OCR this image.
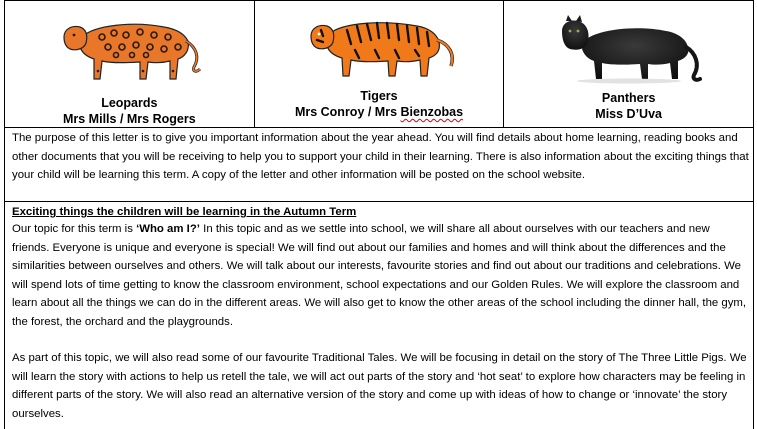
Leopards
Mrs Mills / Mrs Rogers

Tigers
Mrs Conroy / Mrs Bienzobas

Panthers
Miss D’Uva

The purpose of this letter is to give you important information about the year ahead. You will find details about home learning, reading books and other documents that you will be receiving to help you to support your child in their learning. There is also information about the exciting things that your child will be learning this term. A copy of the letter and other information will be posted on the school website.

Exciting things the children will be learning in the Autumn Term

Our topic for this term is ‘Who am I?’ In this topic and as we settle into school, we will share all about ourselves with our teachers and new friends. Everyone is unique and everyone is special! We will find out about our families and homes and will think about the differences and the similarities between ourselves and others. We will talk about our interests, favourite stories and find out about our traditions and celebrations. We will spend lots of time getting to know the classroom environment, school expectations and our Golden Rules. We will explore the classroom and learn about all the things we can do in the different areas. We will also get to know the other areas of the school including the dinner hall, the gym, the forest, the orchard and the playgrounds.

As part of this topic, we will also read some of our favourite Traditional Tales. We will be focusing in detail on the story of The Three Little Pigs. We will learn the story with actions to help us retell the tale, we will act out parts of the story and ‘hot seat’ to explore how characters may be feeling in different parts of the story. We will also read an alternative version of the story and come up with ideas of how to change or ‘innovate’ the story ourselves.
